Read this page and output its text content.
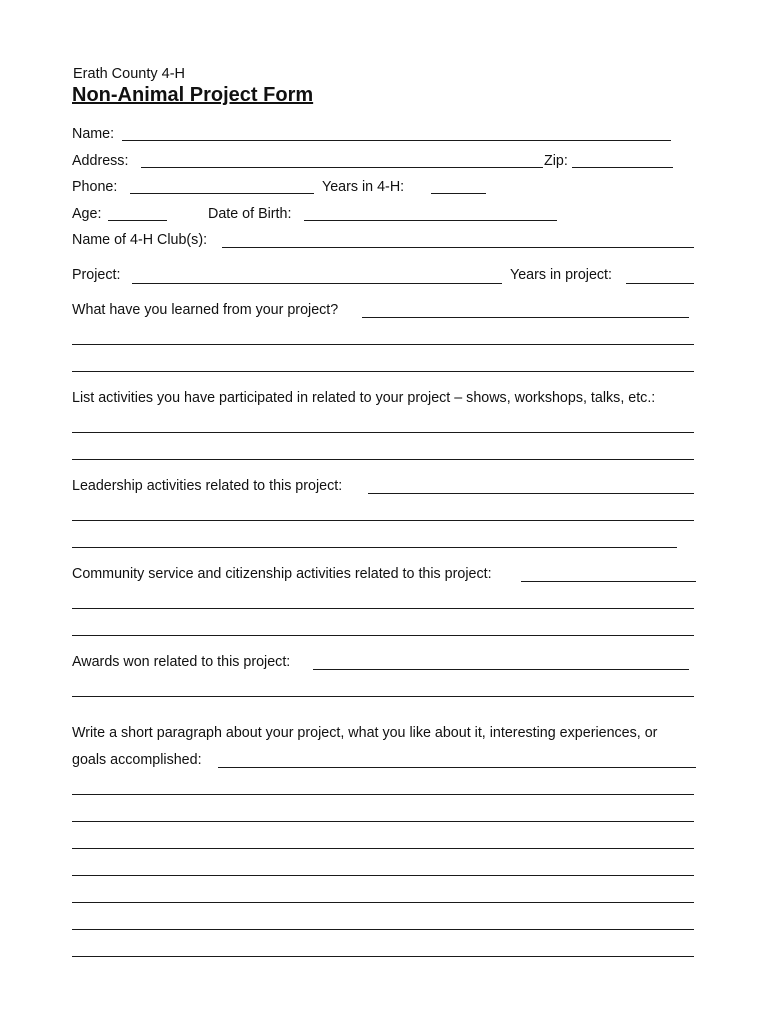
Erath County 4-H
Non-Animal Project Form
Name:
Address:	Zip:
Phone:	Years in 4-H:
Age:	Date of Birth:
Name of 4-H Club(s):
Project:	Years in project:
What have you learned from your project?
List activities you have participated in related to your project – shows, workshops, talks, etc.:
Leadership activities related to this project:
Community service and citizenship activities related to this project:
Awards won related to this project:
Write a short paragraph about your project, what you like about it, interesting experiences, or
goals accomplished:
